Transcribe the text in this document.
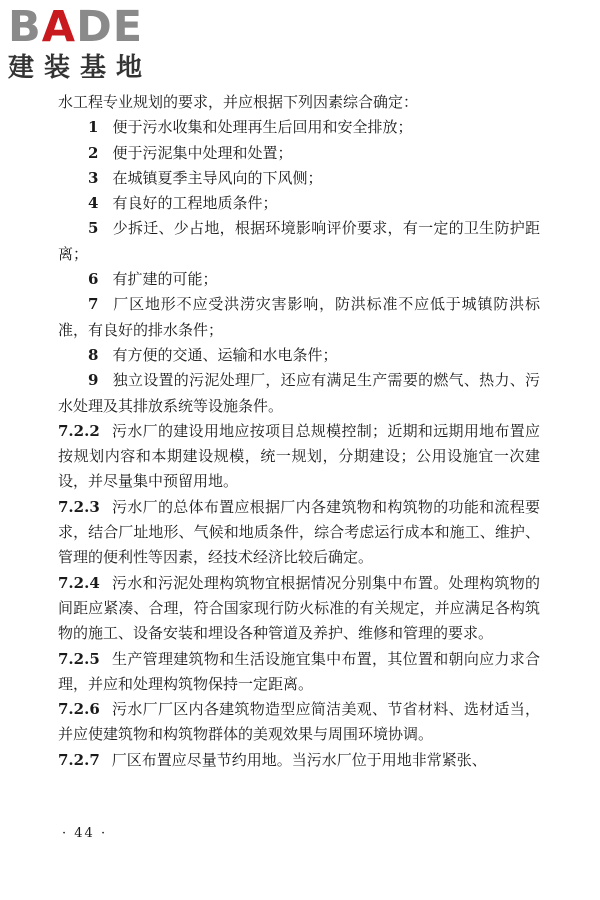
BADE
建装基地

水工程专业规划的要求，并应根据下列因素综合确定：

1 便于污水收集和处理再生后回用和安全排放；

2 便于污泥集中处理和处置；

3 在城镇夏季主导风向的下风侧；

4 有良好的工程地质条件；

5 少拆迁、少占地，根据环境影响评价要求，有一定的卫生防护距离；

6 有扩建的可能；

7 厂区地形不应受洪涝灾害影响，防洪标准不应低于城镇防洪标准，有良好的排水条件；

8 有方便的交通、运输和水电条件；

9 独立设置的污泥处理厂，还应有满足生产需要的燃气、热力、污水处理及其排放系统等设施条件。

7.2.2 污水厂的建设用地应按项目总规模控制；近期和远期用地布置应按规划内容和本期建设规模，统一规划，分期建设；公用设施宜一次建设，并尽量集中预留用地。

7.2.3 污水厂的总体布置应根据厂内各建筑物和构筑物的功能和流程要求，结合厂址地形、气候和地质条件，综合考虑运行成本和施工、维护、管理的便利性等因素，经技术经济比较后确定。

7.2.4 污水和污泥处理构筑物宜根据情况分别集中布置。处理构筑物的间距应紧凑、合理，符合国家现行防火标准的有关规定，并应满足各构筑物的施工、设备安装和埋设各种管道及养护、维修和管理的要求。

7.2.5 生产管理建筑物和生活设施宜集中布置，其位置和朝向应力求合理，并应和处理构筑物保持一定距离。

7.2.6 污水厂厂区内各建筑物造型应简洁美观、节省材料、选材适当，并应使建筑物和构筑物群体的美观效果与周围环境协调。

7.2.7 厂区布置应尽量节约用地。当污水厂位于用地非常紧张、

· 44 ·
